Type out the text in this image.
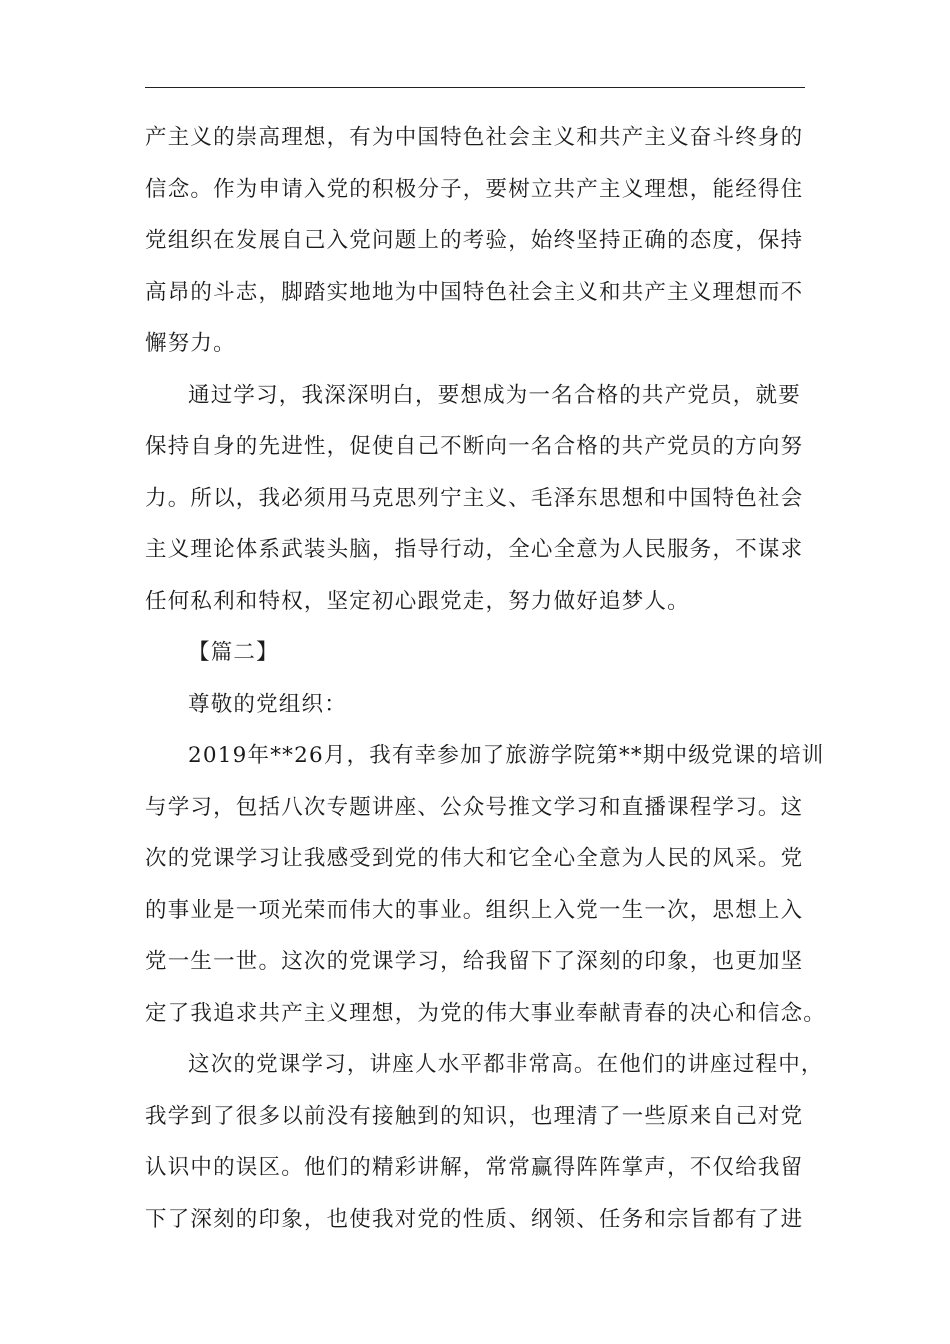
产主义的崇高理想，有为中国特色社会主义和共产主义奋斗终身的
信念。作为申请入党的积极分子，要树立共产主义理想，能经得住
党组织在发展自己入党问题上的考验，始终坚持正确的态度，保持
高昂的斗志，脚踏实地地为中国特色社会主义和共产主义理想而不
懈努力。
通过学习，我深深明白，要想成为一名合格的共产党员，就要
保持自身的先进性，促使自己不断向一名合格的共产党员的方向努
力。所以，我必须用马克思列宁主义、毛泽东思想和中国特色社会
主义理论体系武装头脑，指导行动，全心全意为人民服务，不谋求
任何私利和特权，坚定初心跟党走，努力做好追梦人。
【篇二】
尊敬的党组织：
2019年**26月，我有幸参加了旅游学院第**期中级党课的培训
与学习，包括八次专题讲座、公众号推文学习和直播课程学习。这
次的党课学习让我感受到党的伟大和它全心全意为人民的风采。党
的事业是一项光荣而伟大的事业。组织上入党一生一次，思想上入
党一生一世。这次的党课学习，给我留下了深刻的印象，也更加坚
定了我追求共产主义理想，为党的伟大事业奉献青春的决心和信念。
这次的党课学习，讲座人水平都非常高。在他们的讲座过程中，
我学到了很多以前没有接触到的知识，也理清了一些原来自己对党
认识中的误区。他们的精彩讲解，常常赢得阵阵掌声，不仅给我留
下了深刻的印象，也使我对党的性质、纲领、任务和宗旨都有了进
